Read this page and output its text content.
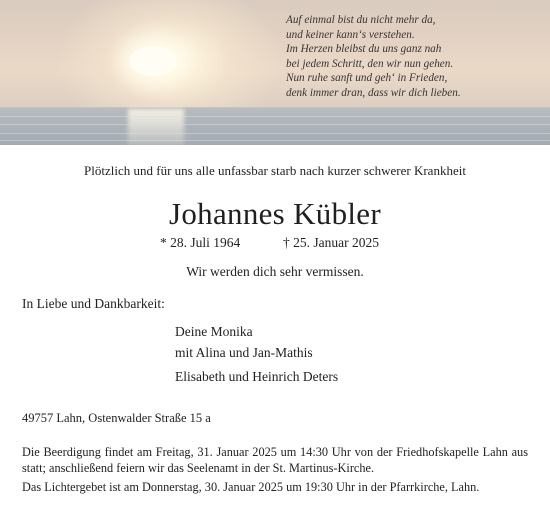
Auf einmal bist du nicht mehr da,
und keiner kann‘s verstehen.
Im Herzen bleibst du uns ganz nah
bei jedem Schritt, den wir nun gehen.
Nun ruhe sanft und geh‘ in Frieden,
denk immer dran, dass wir dich lieben.
Plötzlich und für uns alle unfassbar starb nach kurzer schwerer Krankheit
Johannes Kübler
* 28. Juli 1964	† 25. Januar 2025
Wir werden dich sehr vermissen.
In Liebe und Dankbarkeit:
Deine Monika
mit Alina und Jan-Mathis
Elisabeth und Heinrich Deters
49757 Lahn, Ostenwalder Straße 15 a
Die Beerdigung findet am Freitag, 31. Januar 2025 um 14:30 Uhr von der Friedhofskapelle Lahn aus statt; anschließend feiern wir das Seelenamt in der St. Martinus-Kirche.
Das Lichtergebet ist am Donnerstag, 30. Januar 2025 um 19:30 Uhr in der Pfarrkirche, Lahn.
